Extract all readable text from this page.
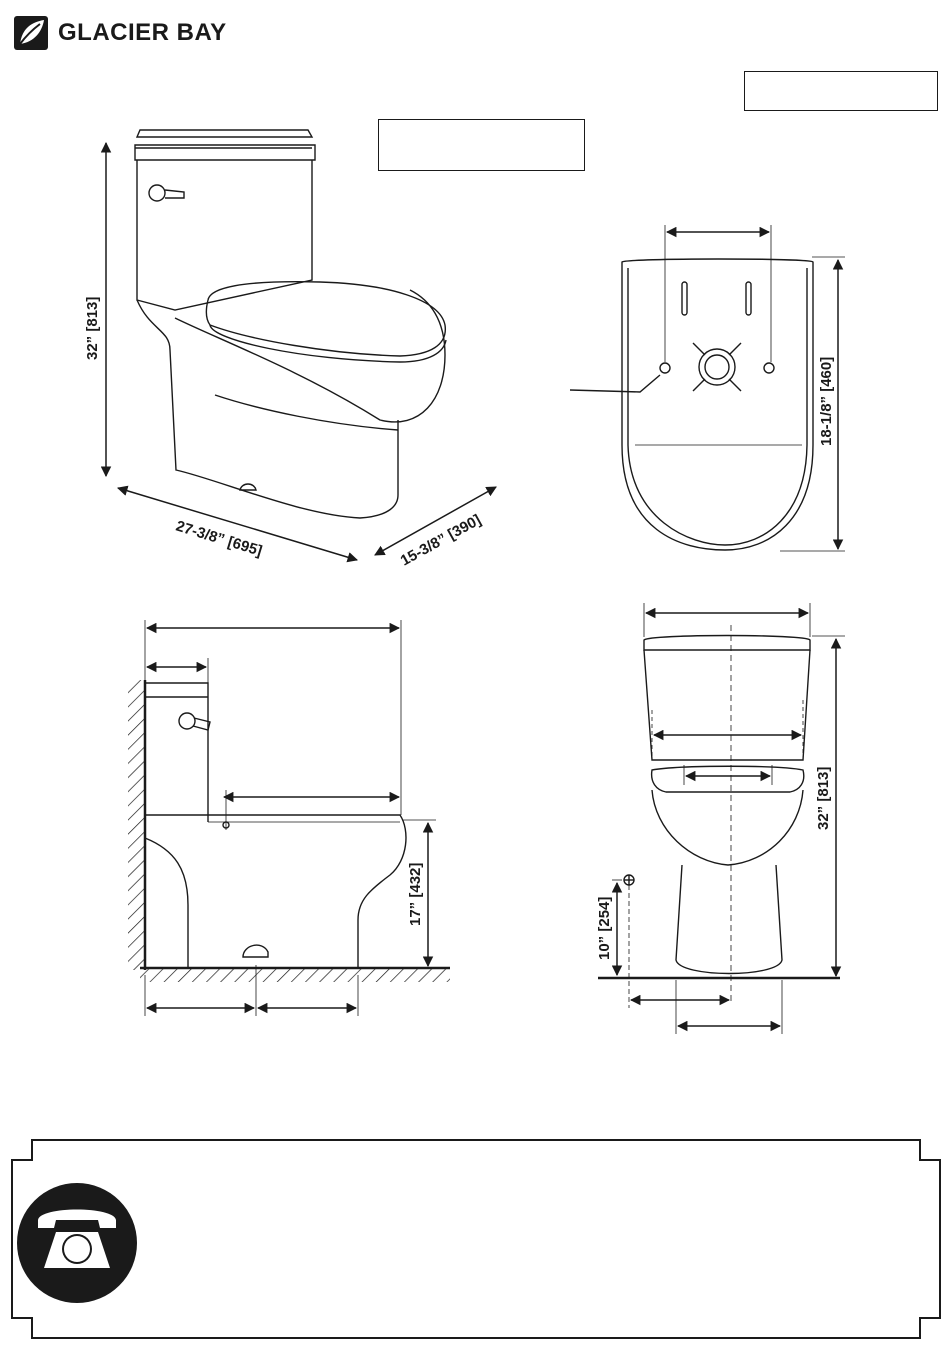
GLACIER BAY
32” [813]
27-3/8” [695]	15-3/8” [390]
18-1/8” [460]
17” [432]
32” [813]
10” [254]
